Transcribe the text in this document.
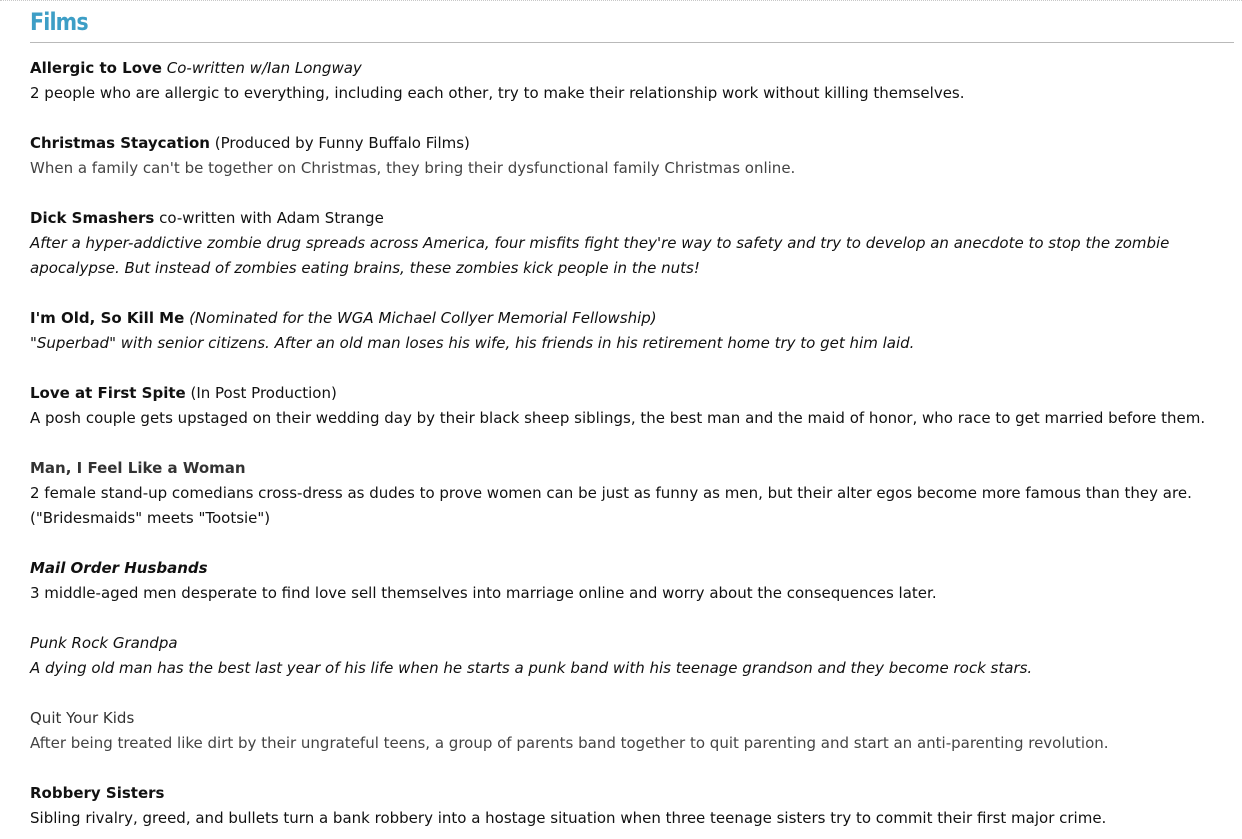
Films
Allergic to Love Co-written w/Ian Longway
2 people who are allergic to everything, including each other, try to make their relationship work without killing themselves.
Christmas Staycation (Produced by Funny Buffalo Films)
When a family can't be together on Christmas, they bring their dysfunctional family Christmas online.
Dick Smashers co-written with Adam Strange
After a hyper-addictive zombie drug spreads across America, four misfits fight they're way to safety and try to develop an anecdote to stop the zombie apocalypse. But instead of zombies eating brains, these zombies kick people in the nuts!
I'm Old, So Kill Me (Nominated for the WGA Michael Collyer Memorial Fellowship)
"Superbad" with senior citizens. After an old man loses his wife, his friends in his retirement home try to get him laid.
Love at First Spite (In Post Production)
A posh couple gets upstaged on their wedding day by their black sheep siblings, the best man and the maid of honor, who race to get married before them.
Man, I Feel Like a Woman
2 female stand-up comedians cross-dress as dudes to prove women can be just as funny as men, but their alter egos become more famous than they are.
("Bridesmaids" meets "Tootsie")
Mail Order Husbands
3 middle-aged men desperate to find love sell themselves into marriage online and worry about the consequences later.
Punk Rock Grandpa
A dying old man has the best last year of his life when he starts a punk band with his teenage grandson and they become rock stars.
Quit Your Kids
After being treated like dirt by their ungrateful teens, a group of parents band together to quit parenting and start an anti-parenting revolution.
Robbery Sisters
Sibling rivalry, greed, and bullets turn a bank robbery into a hostage situation when three teenage sisters try to commit their first major crime.
